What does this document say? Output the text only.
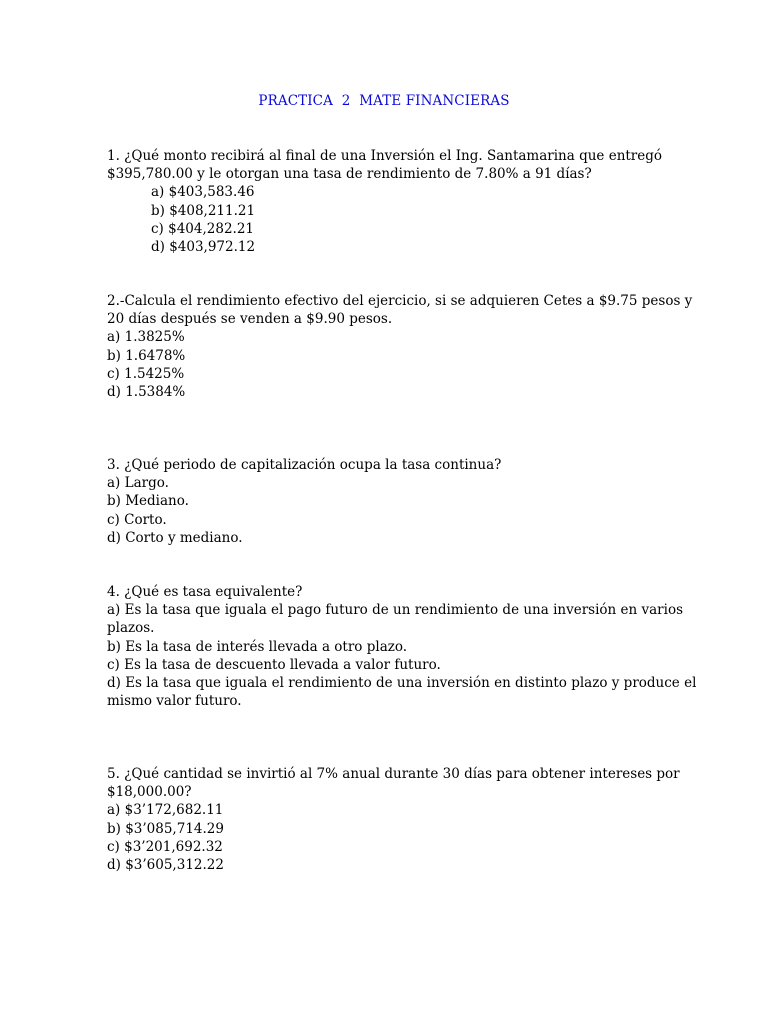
PRACTICA  2  MATE FINANCIERAS
1. ¿Qué monto recibirá al final de una Inversión el Ing. Santamarina que entregó
$395,780.00 y le otorgan una tasa de rendimiento de 7.80% a 91 días?
a) $403,583.46
b) $408,211.21
c) $404,282.21
d) $403,972.12
2.-Calcula el rendimiento efectivo del ejercicio, si se adquieren Cetes a $9.75 pesos y
20 días después se venden a $9.90 pesos.
a) 1.3825%
b) 1.6478%
c) 1.5425%
d) 1.5384%
3. ¿Qué periodo de capitalización ocupa la tasa continua?
a) Largo.
b) Mediano.
c) Corto.
d) Corto y mediano.
4. ¿Qué es tasa equivalente?
a) Es la tasa que iguala el pago futuro de un rendimiento de una inversión en varios
plazos.
b) Es la tasa de interés llevada a otro plazo.
c) Es la tasa de descuento llevada a valor futuro.
d) Es la tasa que iguala el rendimiento de una inversión en distinto plazo y produce el
mismo valor futuro.
5. ¿Qué cantidad se invirtió al 7% anual durante 30 días para obtener intereses por
$18,000.00?
a) $3’172,682.11
b) $3’085,714.29
c) $3’201,692.32
d) $3’605,312.22
